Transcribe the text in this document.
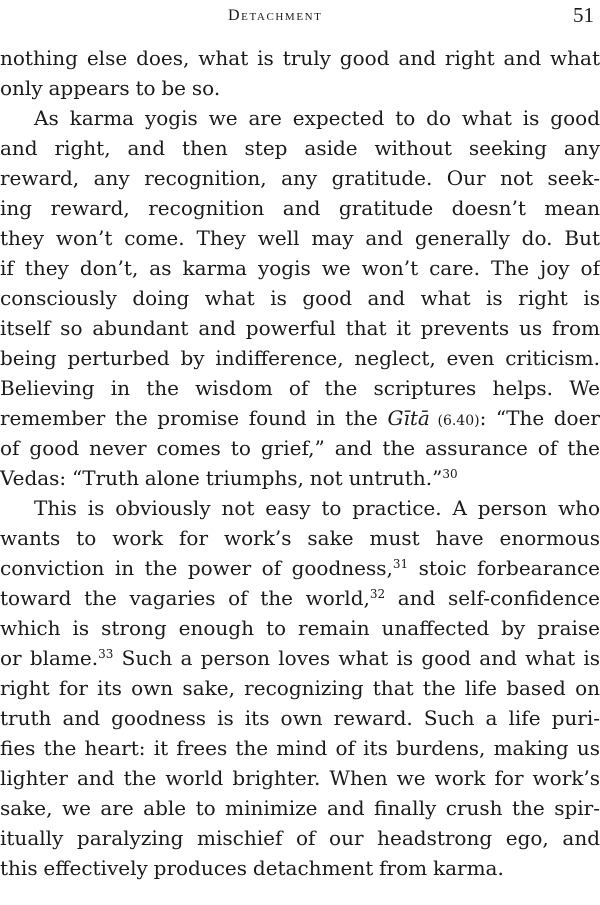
Detachment	51
nothing else does, what is truly good and right and what
only appears to be so.
As karma yogis we are expected to do what is good
and right, and then step aside without seeking any
reward, any recognition, any gratitude. Our not seek-
ing reward, recognition and gratitude doesn’t mean
they won’t come. They well may and generally do. But
if they don’t, as karma yogis we won’t care. The joy of
consciously doing what is good and what is right is
itself so abundant and powerful that it prevents us from
being perturbed by indifference, neglect, even criticism.
Believing in the wisdom of the scriptures helps. We
remember the promise found in the Gītā (6.40): “The doer
of good never comes to grief,” and the assurance of the
Vedas: “Truth alone triumphs, not untruth.”$^{30}$
This is obviously not easy to practice. A person who
wants to work for work’s sake must have enormous
conviction in the power of goodness,$^{31}$ stoic forbearance
toward the vagaries of the world,$^{32}$ and self-confidence
which is strong enough to remain unaffected by praise
or blame.$^{33}$ Such a person loves what is good and what is
right for its own sake, recognizing that the life based on
truth and goodness is its own reward. Such a life puri-
fies the heart: it frees the mind of its burdens, making us
lighter and the world brighter. When we work for work’s
sake, we are able to minimize and finally crush the spir-
itually paralyzing mischief of our headstrong ego, and
this effectively produces detachment from karma.
